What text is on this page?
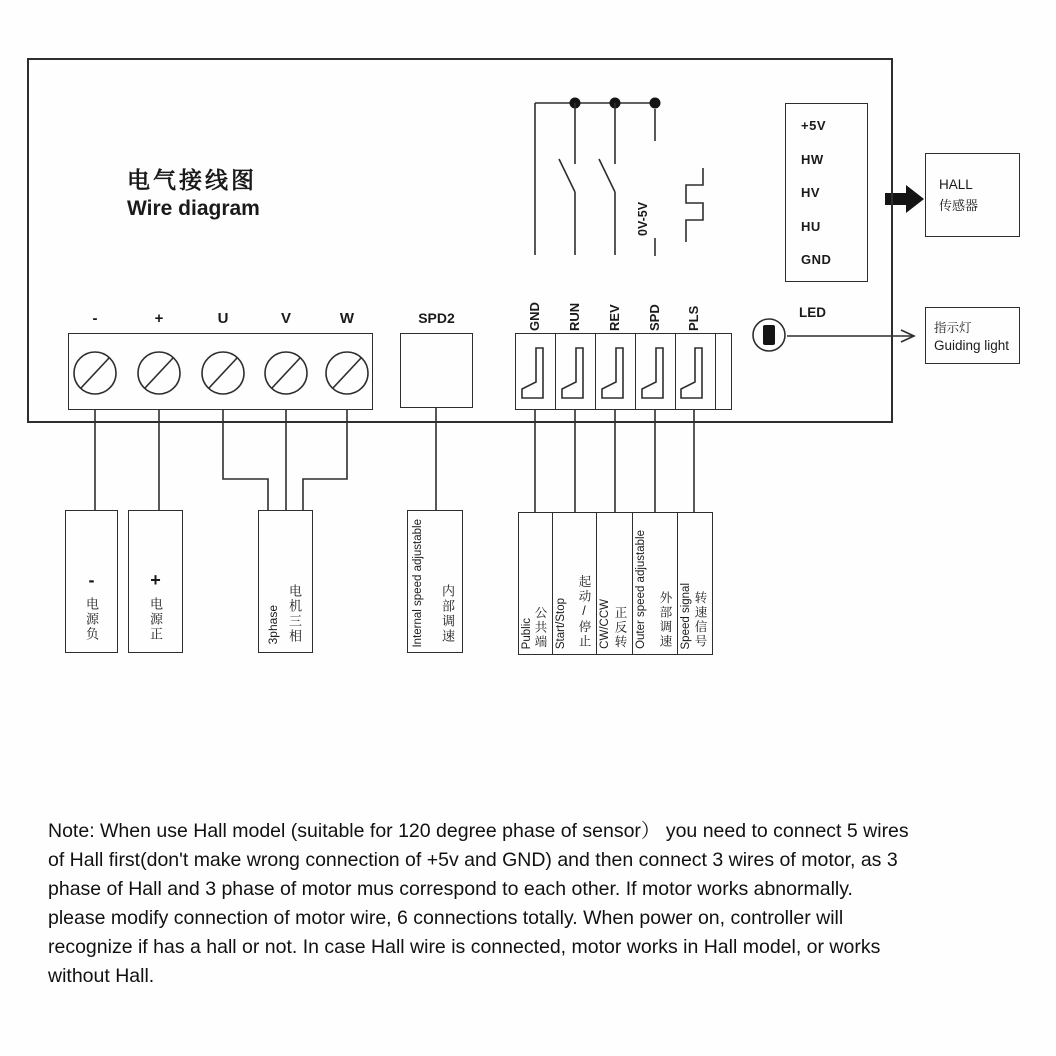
电气接线图
Wire diagram
-	+	U	V	W	SPD2	GND RUN REV SPD PLS
0V-5V
+5V
HW
HV
HU
GND
LED
HALL
传感器
指示灯
Guiding light
-
电源负
+
电源正	3phase 电机三相	Internal speed adjustable 内部调速	Public 公共端 Start/Stop 起动/停止 CW/CCW 正反转 Outer speed adjustable 外部调速 Speed signal 转速信号
Note: When use Hall model (suitable for 120 degree phase of sensor） you need to connect 5 wires
of Hall first(don't make wrong connection of +5v and GND) and then connect 3 wires of motor, as 3
phase of Hall and 3 phase of motor mus correspond to each other. If motor works abnormally.
please modify connection of motor wire, 6 connections totally. When power on, controller will
recognize if has a hall or not. In case Hall wire is connected, motor works in Hall model, or works
without Hall.
